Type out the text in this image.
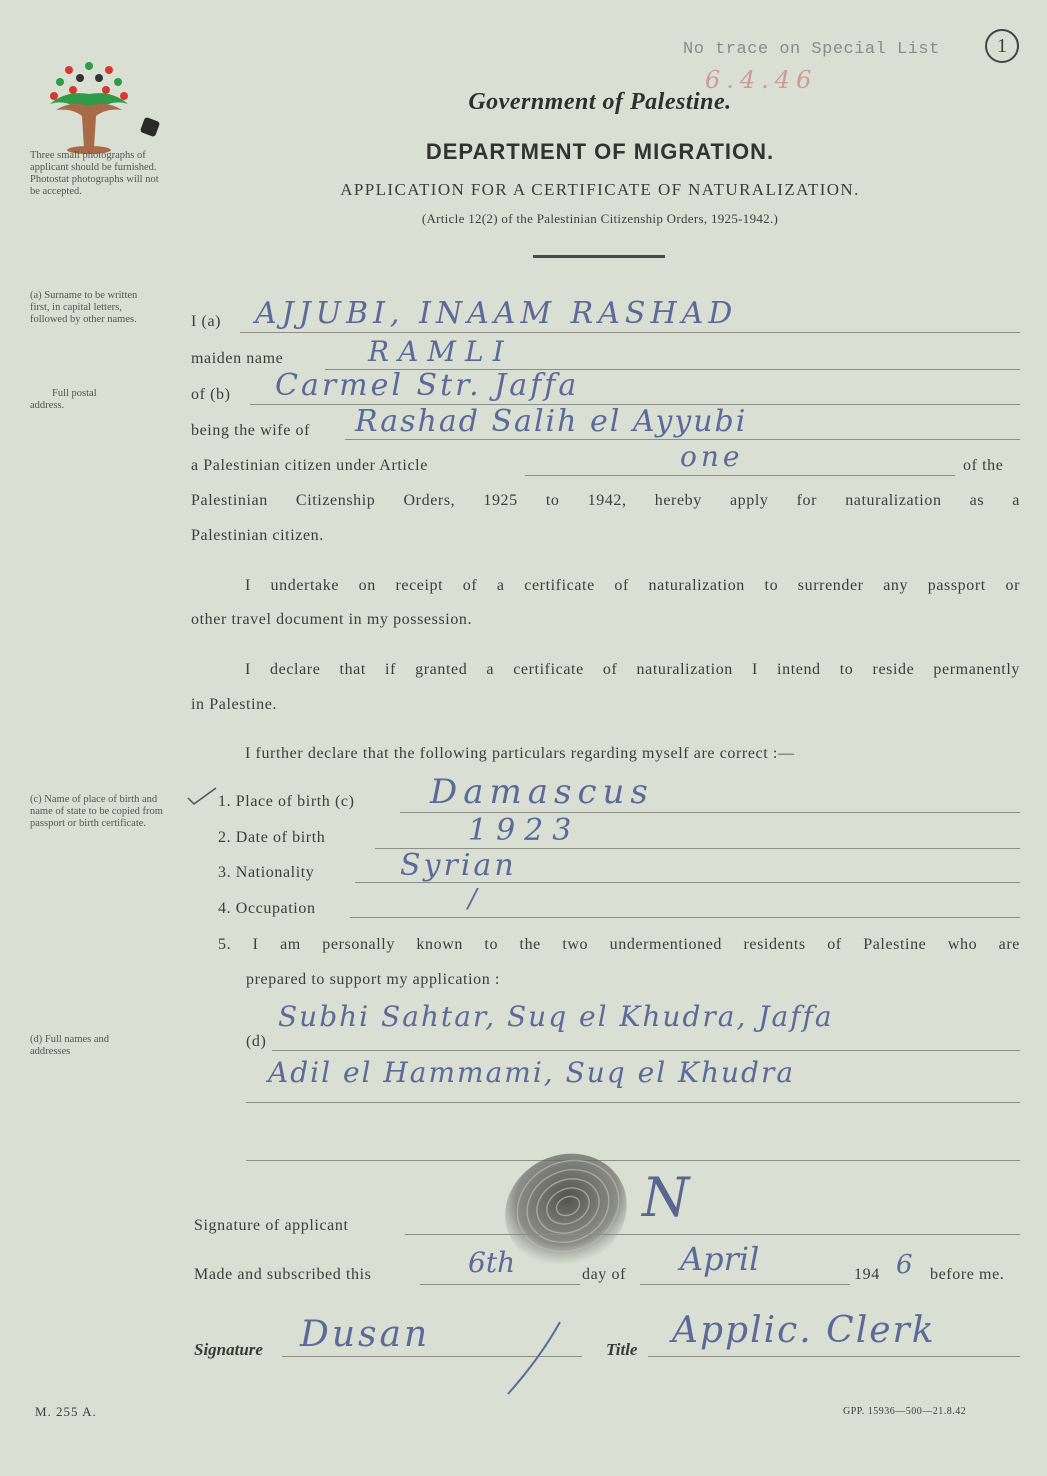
No trace on Special List
6.4.46
1
Three small photographs of applicant should be furnished. Photostat photographs will not be accepted.
(a) Surname to be written first, in capital letters, followed by other names.
Full postal address.
(c) Name of place of birth and name of state to be copied from passport or birth certificate.
(d) Full names and addresses
Government of Palestine.
DEPARTMENT OF MIGRATION.
APPLICATION FOR A CERTIFICATE OF NATURALIZATION.
(Article 12(2) of the Palestinian Citizenship Orders, 1925-1942.)
I (a) AJJUBI, INAAM RASHAD
maiden name	RAMLI
of (b) Carmel Str. Jaffa
being the wife of Rashad Salih el Ayyubi
a Palestinian citizen under Article	one	of the
Palestinian Citizenship Orders, 1925 to 1942, hereby apply for naturalization as a
Palestinian citizen.
I undertake on receipt of a certificate of naturalization to surrender any passport or
other travel document in my possession.
I declare that if granted a certificate of naturalization I intend to reside permanently
in Palestine.
I further declare that the following particulars regarding myself are correct :—
1. Place of birth (c) Damascus
2. Date of birth	1923
3. Nationality	Syrian
4. Occupation	/
5. I am personally known to the two undermentioned residents of Palestine who are
prepared to support my application :
(d)
Subhi Sahtar, Suq el Khudra, Jaffa
Adil el Hammami, Suq el Khudra
Signature of applicant	N
Made and subscribed this	6th	day of April	194 6 before me.
Signature Dusan	Title Applic. Clerk
M. 255 A.	GPP. 15936—500—21.8.42
